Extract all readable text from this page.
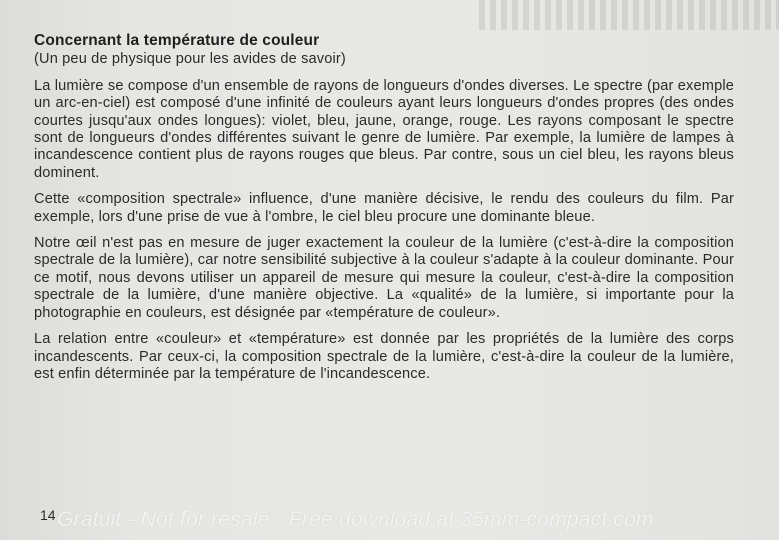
Concernant la température de couleur
(Un peu de physique pour les avides de savoir)

La lumière se compose d'un ensemble de rayons de longueurs d'ondes diverses. Le spectre (par exemple un arc-en-ciel) est composé d'une infinité de couleurs ayant leurs longueurs d'ondes propres (des ondes courtes jusqu'aux ondes longues): violet, bleu, jaune, orange, rouge. Les rayons composant le spectre sont de longueurs d'ondes différentes suivant le genre de lumière. Par exemple, la lumière de lampes à incandescence contient plus de rayons rouges que bleus. Par contre, sous un ciel bleu, les rayons bleus dominent.

Cette «composition spectrale» influence, d'une manière décisive, le rendu des couleurs du film. Par exemple, lors d'une prise de vue à l'ombre, le ciel bleu procure une dominante bleue.

Notre œil n'est pas en mesure de juger exactement la couleur de la lumière (c'est-à-dire la composition spectrale de la lumière), car notre sensibilité subjective à la couleur s'adapte à la couleur dominante. Pour ce motif, nous devons utiliser un appareil de mesure qui mesure la couleur, c'est-à-dire la composition spectrale de la lumière, d'une manière objective. La «qualité» de la lumière, si importante pour la photographie en couleurs, est désignée par «température de couleur».

La relation entre «couleur» et «température» est donnée par les propriétés de la lumière des corps incandescents. Par ceux-ci, la composition spectrale de la lumière, c'est-à-dire la couleur de la lumière, est enfin déterminée par la température de l'incandescence.

14 Gratuit - Not for resale - Free download at 35mm-compact.com
